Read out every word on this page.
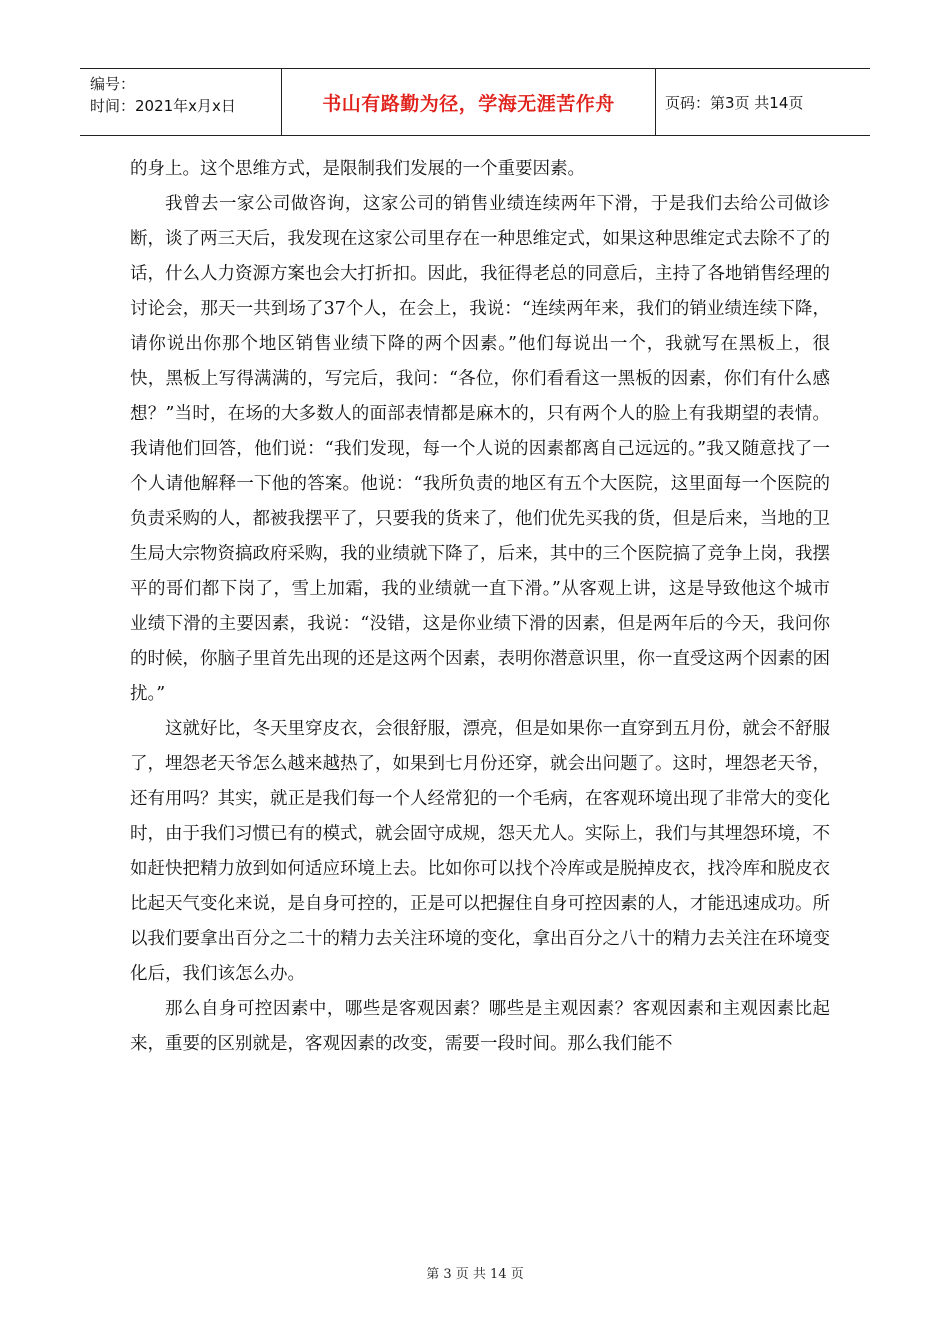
编号：
时间：2021年x月x日	书山有路勤为径，学海无涯苦作舟	页码：第3页 共14页

的身上。这个思维方式，是限制我们发展的一个重要因素。

我曾去一家公司做咨询，这家公司的销售业绩连续两年下滑，于是我们去给公司做诊断，谈了两三天后，我发现在这家公司里存在一种思维定式，如果这种思维定式去除不了的话，什么人力资源方案也会大打折扣。因此，我征得老总的同意后，主持了各地销售经理的讨论会，那天一共到场了37个人，在会上，我说：“连续两年来，我们的销业绩连续下降，请你说出你那个地区销售业绩下降的两个因素。”他们每说出一个，我就写在黑板上，很快，黑板上写得满满的，写完后，我问：“各位，你们看看这一黑板的因素，你们有什么感想？”当时，在场的大多数人的面部表情都是麻木的，只有两个人的脸上有我期望的表情。我请他们回答，他们说：“我们发现，每一个人说的因素都离自己远远的。”我又随意找了一个人请他解释一下他的答案。他说：“我所负责的地区有五个大医院，这里面每一个医院的负责采购的人，都被我摆平了，只要我的货来了，他们优先买我的货，但是后来，当地的卫生局大宗物资搞政府采购，我的业绩就下降了，后来，其中的三个医院搞了竞争上岗，我摆平的哥们都下岗了，雪上加霜，我的业绩就一直下滑。”从客观上讲，这是导致他这个城市业绩下滑的主要因素，我说：“没错，这是你业绩下滑的因素，但是两年后的今天，我问你的时候，你脑子里首先出现的还是这两个因素，表明你潜意识里，你一直受这两个因素的困扰。”

这就好比，冬天里穿皮衣，会很舒服，漂亮，但是如果你一直穿到五月份，就会不舒服了，埋怨老天爷怎么越来越热了，如果到七月份还穿，就会出问题了。这时，埋怨老天爷，还有用吗？其实，就正是我们每一个人经常犯的一个毛病，在客观环境出现了非常大的变化时，由于我们习惯已有的模式，就会固守成规，怨天尤人。实际上，我们与其埋怨环境，不如赶快把精力放到如何适应环境上去。比如你可以找个冷库或是脱掉皮衣，找冷库和脱皮衣比起天气变化来说，是自身可控的，正是可以把握住自身可控因素的人，才能迅速成功。所以我们要拿出百分之二十的精力去关注环境的变化，拿出百分之八十的精力去关注在环境变化后，我们该怎么办。

那么自身可控因素中，哪些是客观因素？哪些是主观因素？客观因素和主观因素比起来，重要的区别就是，客观因素的改变，需要一段时间。那么我们能不

第 3 页 共 14 页
